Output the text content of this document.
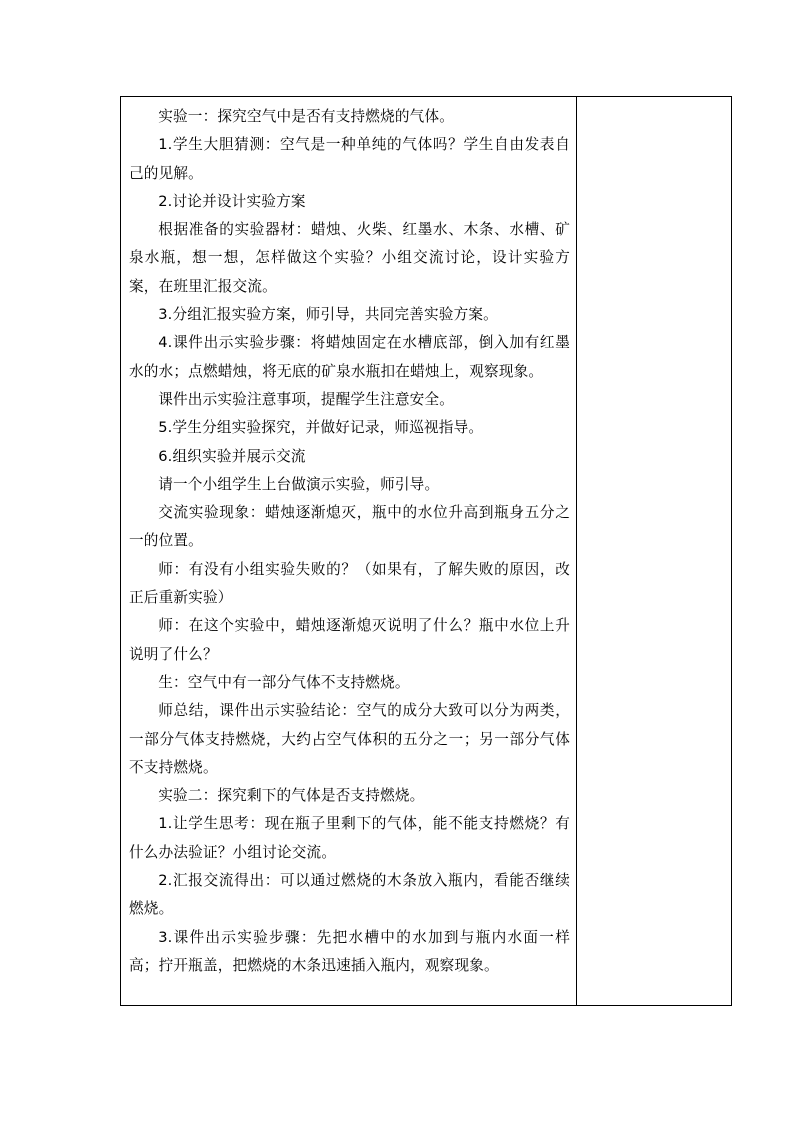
实验一：探究空气中是否有支持燃烧的气体。

1.学生大胆猜测：空气是一种单纯的气体吗？学生自由发表自己的见解。

2.讨论并设计实验方案

根据准备的实验器材：蜡烛、火柴、红墨水、木条、水槽、矿泉水瓶，想一想，怎样做这个实验？小组交流讨论，设计实验方案，在班里汇报交流。

3.分组汇报实验方案，师引导，共同完善实验方案。

4.课件出示实验步骤：将蜡烛固定在水槽底部，倒入加有红墨水的水；点燃蜡烛，将无底的矿泉水瓶扣在蜡烛上，观察现象。

课件出示实验注意事项，提醒学生注意安全。

5.学生分组实验探究，并做好记录，师巡视指导。

6.组织实验并展示交流

请一个小组学生上台做演示实验，师引导。

交流实验现象：蜡烛逐渐熄灭，瓶中的水位升高到瓶身五分之一的位置。

师：有没有小组实验失败的？（如果有，了解失败的原因，改正后重新实验）

师：在这个实验中，蜡烛逐渐熄灭说明了什么？瓶中水位上升说明了什么？

生：空气中有一部分气体不支持燃烧。

师总结，课件出示实验结论：空气的成分大致可以分为两类，一部分气体支持燃烧，大约占空气体积的五分之一；另一部分气体不支持燃烧。

实验二：探究剩下的气体是否支持燃烧。

1.让学生思考：现在瓶子里剩下的气体，能不能支持燃烧？有什么办法验证？小组讨论交流。

2.汇报交流得出：可以通过燃烧的木条放入瓶内，看能否继续燃烧。

3.课件出示实验步骤：先把水槽中的水加到与瓶内水面一样高；拧开瓶盖，把燃烧的木条迅速插入瓶内，观察现象。
